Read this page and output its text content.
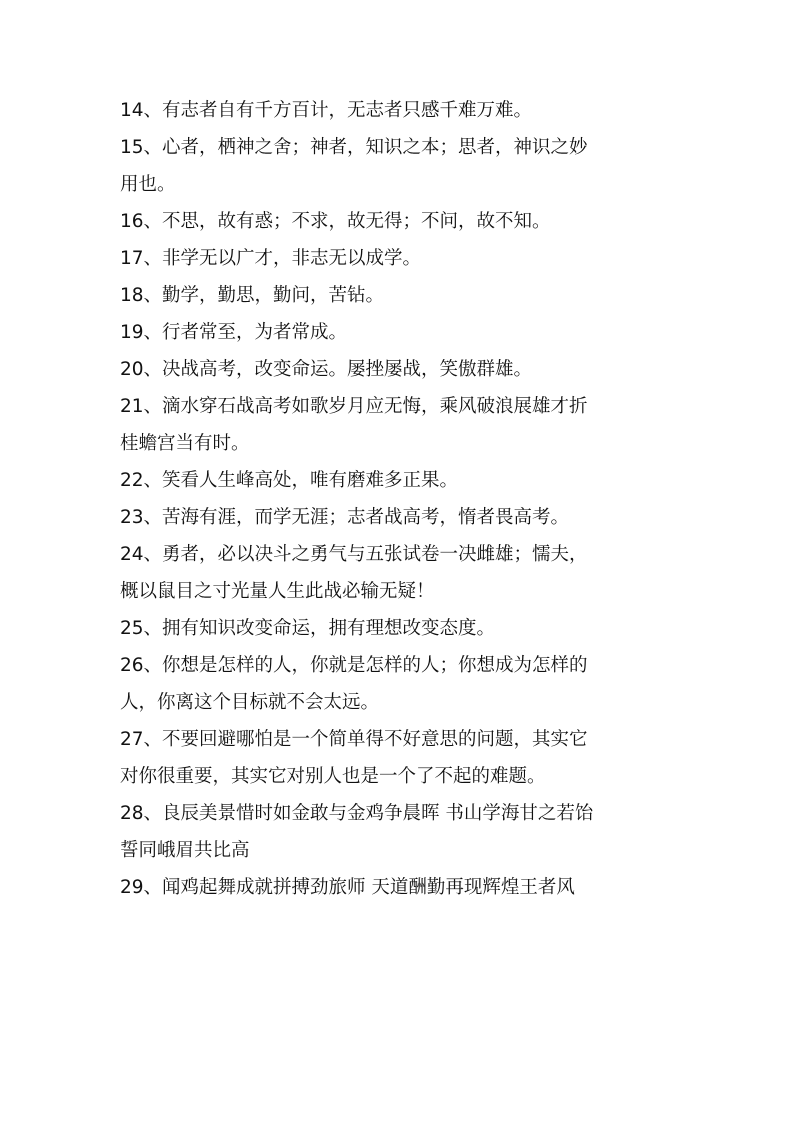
14、有志者自有千方百计，无志者只感千难万难。
15、心者，栖神之舍；神者，知识之本；思者，神识之妙
用也。
16、不思，故有惑；不求，故无得；不问，故不知。
17、非学无以广才，非志无以成学。
18、勤学，勤思，勤问，苦钻。
19、行者常至，为者常成。
20、决战高考，改变命运。屡挫屡战，笑傲群雄。
21、滴水穿石战高考如歌岁月应无悔，乘风破浪展雄才折
桂蟾宫当有时。
22、笑看人生峰高处，唯有磨难多正果。
23、苦海有涯，而学无涯；志者战高考，惰者畏高考。
24、勇者，必以决斗之勇气与五张试卷一决雌雄；懦夫，
概以鼠目之寸光量人生此战必输无疑！
25、拥有知识改变命运，拥有理想改变态度。
26、你想是怎样的人，你就是怎样的人；你想成为怎样的
人，你离这个目标就不会太远。
27、不要回避哪怕是一个简单得不好意思的问题，其实它
对你很重要，其实它对别人也是一个了不起的难题。
28、良辰美景惜时如金敢与金鸡争晨晖 书山学海甘之若饴
誓同峨眉共比高
29、闻鸡起舞成就拼搏劲旅师 天道酬勤再现辉煌王者风
